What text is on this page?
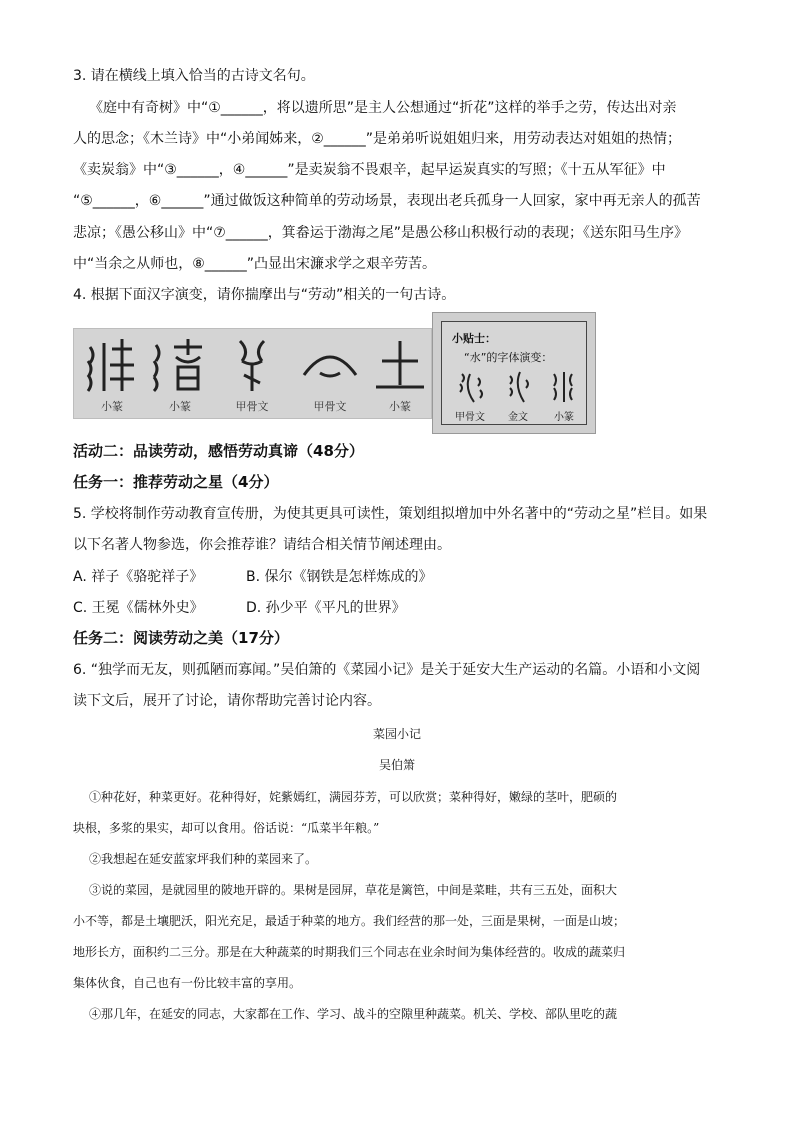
3. 请在横线上填入恰当的古诗文名句。
《庭中有奇树》中“①______，将以遗所思”是主人公想通过“折花”这样的举手之劳，传达出对亲
人的思念；《木兰诗》中“小弟闻姊来，②______”是弟弟听说姐姐归来，用劳动表达对姐姐的热情；
《卖炭翁》中“③______，④______”是卖炭翁不畏艰辛，起早运炭真实的写照；《十五从军征》中
“⑤______，⑥______”通过做饭这种简单的劳动场景，表现出老兵孤身一人回家，家中再无亲人的孤苦
悲凉；《愚公移山》中“⑦______，箕畚运于渤海之尾”是愚公移山积极行动的表现；《送东阳马生序》
中“当余之从师也，⑧______”凸显出宋濂求学之艰辛劳苦。
4. 根据下面汉字演变，请你揣摩出与“劳动”相关的一句古诗。
小篆	小篆	甲骨文	甲骨文	小篆
小贴士：
“水”的字体演变：
甲骨文	金文	小篆
活动二：品读劳动，感悟劳动真谛（48分）
任务一：推荐劳动之星（4分）
5. 学校将制作劳动教育宣传册，为使其更具可读性，策划组拟增加中外名著中的“劳动之星”栏目。如果
以下名著人物参选，你会推荐谁？请结合相关情节阐述理由。
A. 祥子《骆驼祥子》	B. 保尔《钢铁是怎样炼成的》
C. 王冕《儒林外史》	D. 孙少平《平凡的世界》
任务二：阅读劳动之美（17分）
6. “独学而无友，则孤陋而寡闻。”吴伯箫的《菜园小记》是关于延安大生产运动的名篇。小语和小文阅
读下文后，展开了讨论，请你帮助完善讨论内容。
菜园小记
吴伯箫
①种花好，种菜更好。花种得好，姹紫嫣红，满园芬芳，可以欣赏；菜种得好，嫩绿的茎叶，肥硕的
块根，多浆的果实，却可以食用。俗话说：“瓜菜半年粮。”
②我想起在延安蓝家坪我们种的菜园来了。
③说的菜园，是就园里的陂地开辟的。果树是园屏，草花是篱笆，中间是菜畦，共有三五处，面积大
小不等，都是土壤肥沃，阳光充足，最适于种菜的地方。我们经营的那一处，三面是果树，一面是山坡；
地形长方，面积约二三分。那是在大种蔬菜的时期我们三个同志在业余时间为集体经营的。收成的蔬菜归
集体伙食，自己也有一份比较丰富的享用。
④那几年，在延安的同志，大家都在工作、学习、战斗的空隙里种蔬菜。机关、学校、部队里吃的蔬
